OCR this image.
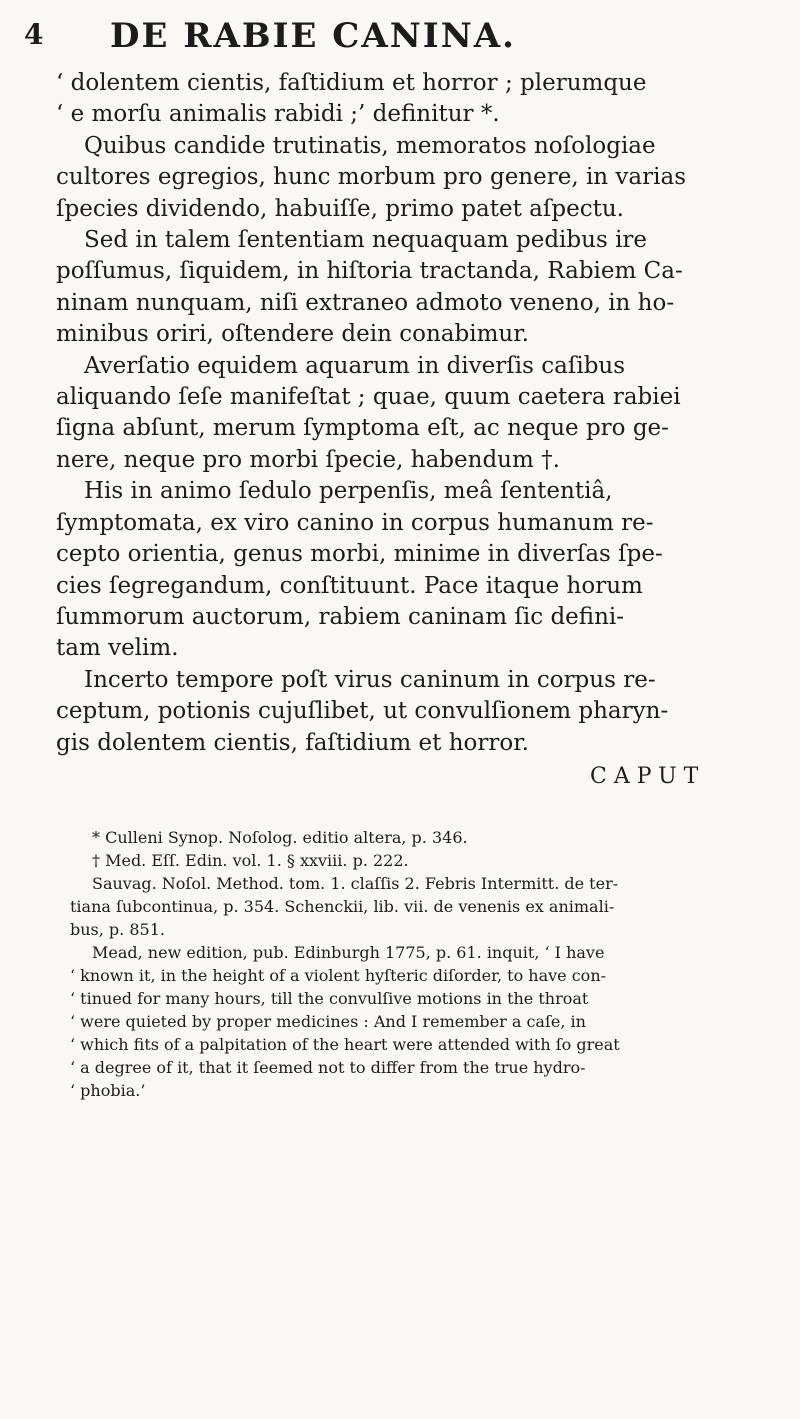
4 DE RABIE CANINA.
‘ dolentem cientis, faſtidium et horror ; plerumque
‘ e morſu animalis rabidi ;’ definitur *.
Quibus candide trutinatis, memoratos noſologiae
cultores egregios, hunc morbum pro genere, in varias
ſpecies dividendo, habuiſſe, primo patet aſpectu.
Sed in talem ſententiam nequaquam pedibus ire
poſſumus, ſiquidem, in hiſtoria tractanda, Rabiem Ca-
ninam nunquam, niſi extraneo admoto veneno, in ho-
minibus oriri, oſtendere dein conabimur.
Averſatio equidem aquarum in diverſis caſibus
aliquando ſeſe manifeſtat ; quae, quum caetera rabiei
ſigna abſunt, merum ſymptoma eſt, ac neque pro ge-
nere, neque pro morbi ſpecie, habendum †.
His in animo ſedulo perpenſis, meâ ſententiâ,
ſymptomata, ex viro canino in corpus humanum re-
cepto orientia, genus morbi, minime in diverſas ſpe-
cies ſegregandum, conſtituunt. Pace itaque horum
ſummorum auctorum, rabiem caninam ſic defini-
tam velim.
Incerto tempore poſt virus caninum in corpus re-
ceptum, potionis cujuſlibet, ut convulſionem pharyn-
gis dolentem cientis, faſtidium et horror.
CAPUT
* Culleni Synop. Noſolog. editio altera, p. 346.
† Med. Eſſ. Edin. vol. 1. § xxviii. p. 222.
Sauvag. Noſol. Method. tom. 1. claſſis 2. Febris Intermitt. de ter-
tiana ſubcontinua, p. 354. Schenckii, lib. vii. de venenis ex animali-
bus, p. 851.
Mead, new edition, pub. Edinburgh 1775, p. 61. inquit, ‘ I have
‘ known it, in the height of a violent hyſteric diſorder, to have con-
‘ tinued for many hours, till the convulſive motions in the throat
‘ were quieted by proper medicines : And I remember a caſe, in
‘ which fits of a palpitation of the heart were attended with ſo great
‘ a degree of it, that it ſeemed not to differ from the true hydro-
‘ phobia.’
